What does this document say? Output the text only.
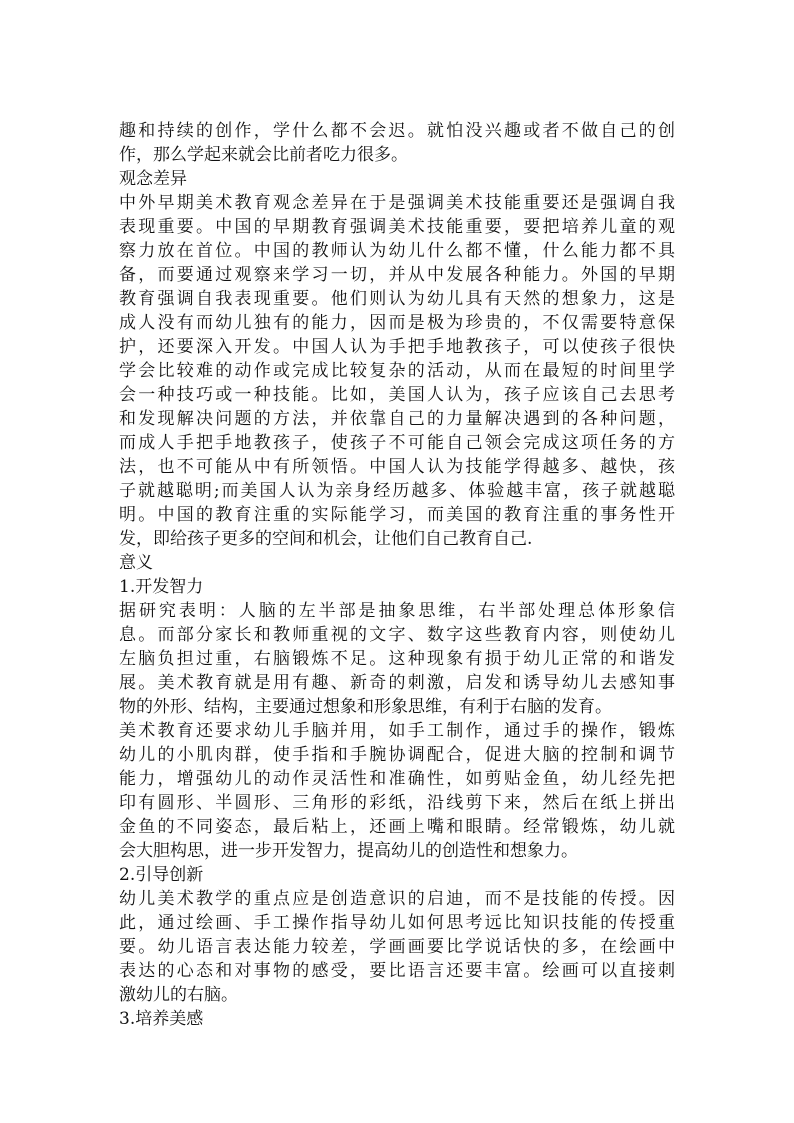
趣和持续的创作，学什么都不会迟。就怕没兴趣或者不做自己的创
作，那么学起来就会比前者吃力很多。
观念差异
中外早期美术教育观念差异在于是强调美术技能重要还是强调自我
表现重要。中国的早期教育强调美术技能重要，要把培养儿童的观
察力放在首位。中国的教师认为幼儿什么都不懂，什么能力都不具
备，而要通过观察来学习一切，并从中发展各种能力。外国的早期
教育强调自我表现重要。他们则认为幼儿具有天然的想象力，这是
成人没有而幼儿独有的能力，因而是极为珍贵的，不仅需要特意保
护，还要深入开发。中国人认为手把手地教孩子，可以使孩子很快
学会比较难的动作或完成比较复杂的活动，从而在最短的时间里学
会一种技巧或一种技能。比如，美国人认为，孩子应该自己去思考
和发现解决问题的方法，并依靠自己的力量解决遇到的各种问题，
而成人手把手地教孩子，使孩子不可能自己领会完成这项任务的方
法，也不可能从中有所领悟。中国人认为技能学得越多、越快，孩
子就越聪明;而美国人认为亲身经历越多、体验越丰富，孩子就越聪
明。中国的教育注重的实际能学习，而美国的教育注重的事务性开
发，即给孩子更多的空间和机会，让他们自己教育自己.
意义
1.开发智力
据研究表明：人脑的左半部是抽象思维，右半部处理总体形象信
息。而部分家长和教师重视的文字、数字这些教育内容，则使幼儿
左脑负担过重，右脑锻炼不足。这种现象有损于幼儿正常的和谐发
展。美术教育就是用有趣、新奇的刺激，启发和诱导幼儿去感知事
物的外形、结构，主要通过想象和形象思维，有利于右脑的发育。
美术教育还要求幼儿手脑并用，如手工制作，通过手的操作，锻炼
幼儿的小肌肉群，使手指和手腕协调配合，促进大脑的控制和调节
能力，增强幼儿的动作灵活性和准确性，如剪贴金鱼，幼儿经先把
印有圆形、半圆形、三角形的彩纸，沿线剪下来，然后在纸上拼出
金鱼的不同姿态，最后粘上，还画上嘴和眼睛。经常锻炼，幼儿就
会大胆构思，进一步开发智力，提高幼儿的创造性和想象力。
2.引导创新
幼儿美术教学的重点应是创造意识的启迪，而不是技能的传授。因
此，通过绘画、手工操作指导幼儿如何思考远比知识技能的传授重
要。幼儿语言表达能力较差，学画画要比学说话快的多，在绘画中
表达的心态和对事物的感受，要比语言还要丰富。绘画可以直接刺
激幼儿的右脑。
3.培养美感
